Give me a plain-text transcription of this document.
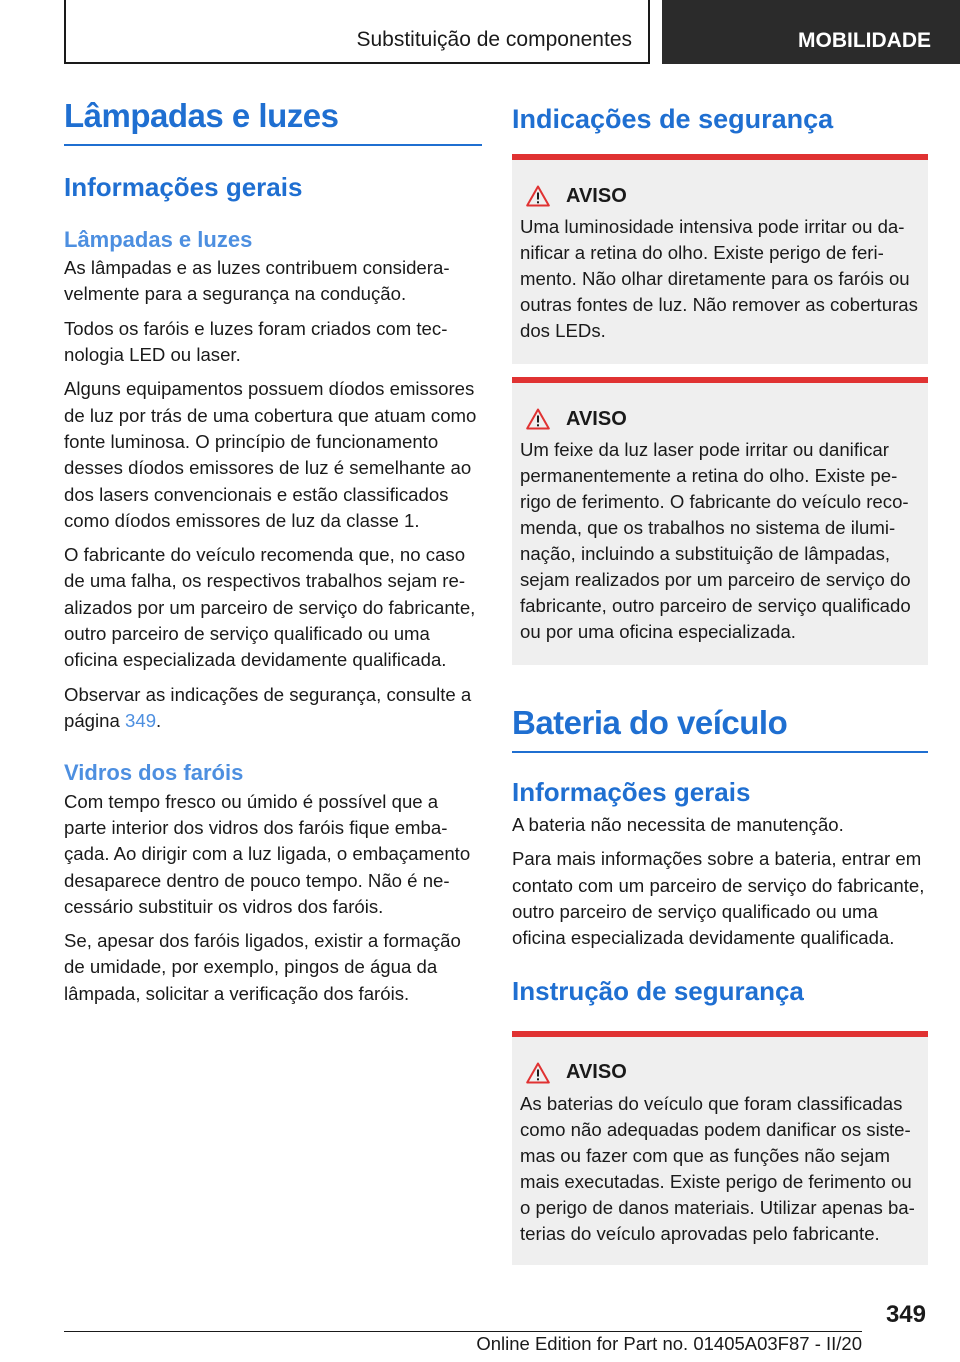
Substituição de componentes	MOBILIDADE
Lâmpadas e luzes
Informações gerais
Lâmpadas e luzes

As lâmpadas e as luzes contribuem consideravelmente para a segurança na condução.

Todos os faróis e luzes foram criados com tecnologia LED ou laser.

Alguns equipamentos possuem díodos emissores de luz por trás de uma cobertura que atuam como fonte luminosa. O princípio de funcionamento desses díodos emissores de luz é semelhante ao dos lasers convencionais e estão classificados como díodos emissores de luz da classe 1.

O fabricante do veículo recomenda que, no caso de uma falha, os respectivos trabalhos sejam realizados por um parceiro de serviço do fabricante, outro parceiro de serviço qualificado ou uma oficina especializada devidamente qualificada.

Observar as indicações de segurança, consulte a página 349.

Vidros dos faróis

Com tempo fresco ou úmido é possível que a parte interior dos vidros dos faróis fique embaçada. Ao dirigir com a luz ligada, o embaçamento desaparece dentro de pouco tempo. Não é necessário substituir os vidros dos faróis.

Se, apesar dos faróis ligados, existir a formação de umidade, por exemplo, pingos de água da lâmpada, solicitar a verificação dos faróis.

Indicações de segurança
AVISO

Uma luminosidade intensiva pode irritar ou danificar a retina do olho. Existe perigo de ferimento. Não olhar diretamente para os faróis ou outras fontes de luz. Não remover as coberturas dos LEDs.

AVISO

Um feixe da luz laser pode irritar ou danificar permanentemente a retina do olho. Existe perigo de ferimento. O fabricante do veículo recomenda, que os trabalhos no sistema de iluminação, incluindo a substituição de lâmpadas, sejam realizados por um parceiro de serviço do fabricante, outro parceiro de serviço qualificado ou por uma oficina especializada.

Bateria do veículo
Informações gerais

A bateria não necessita de manutenção.

Para mais informações sobre a bateria, entrar em contato com um parceiro de serviço do fabricante, outro parceiro de serviço qualificado ou uma oficina especializada devidamente qualificada.

Instrução de segurança
AVISO

As baterias do veículo que foram classificadas como não adequadas podem danificar os sistemas ou fazer com que as funções não sejam mais executadas. Existe perigo de ferimento ou o perigo de danos materiais. Utilizar apenas baterias do veículo aprovadas pelo fabricante.

349
Online Edition for Part no. 01405A03F87 - II/20
